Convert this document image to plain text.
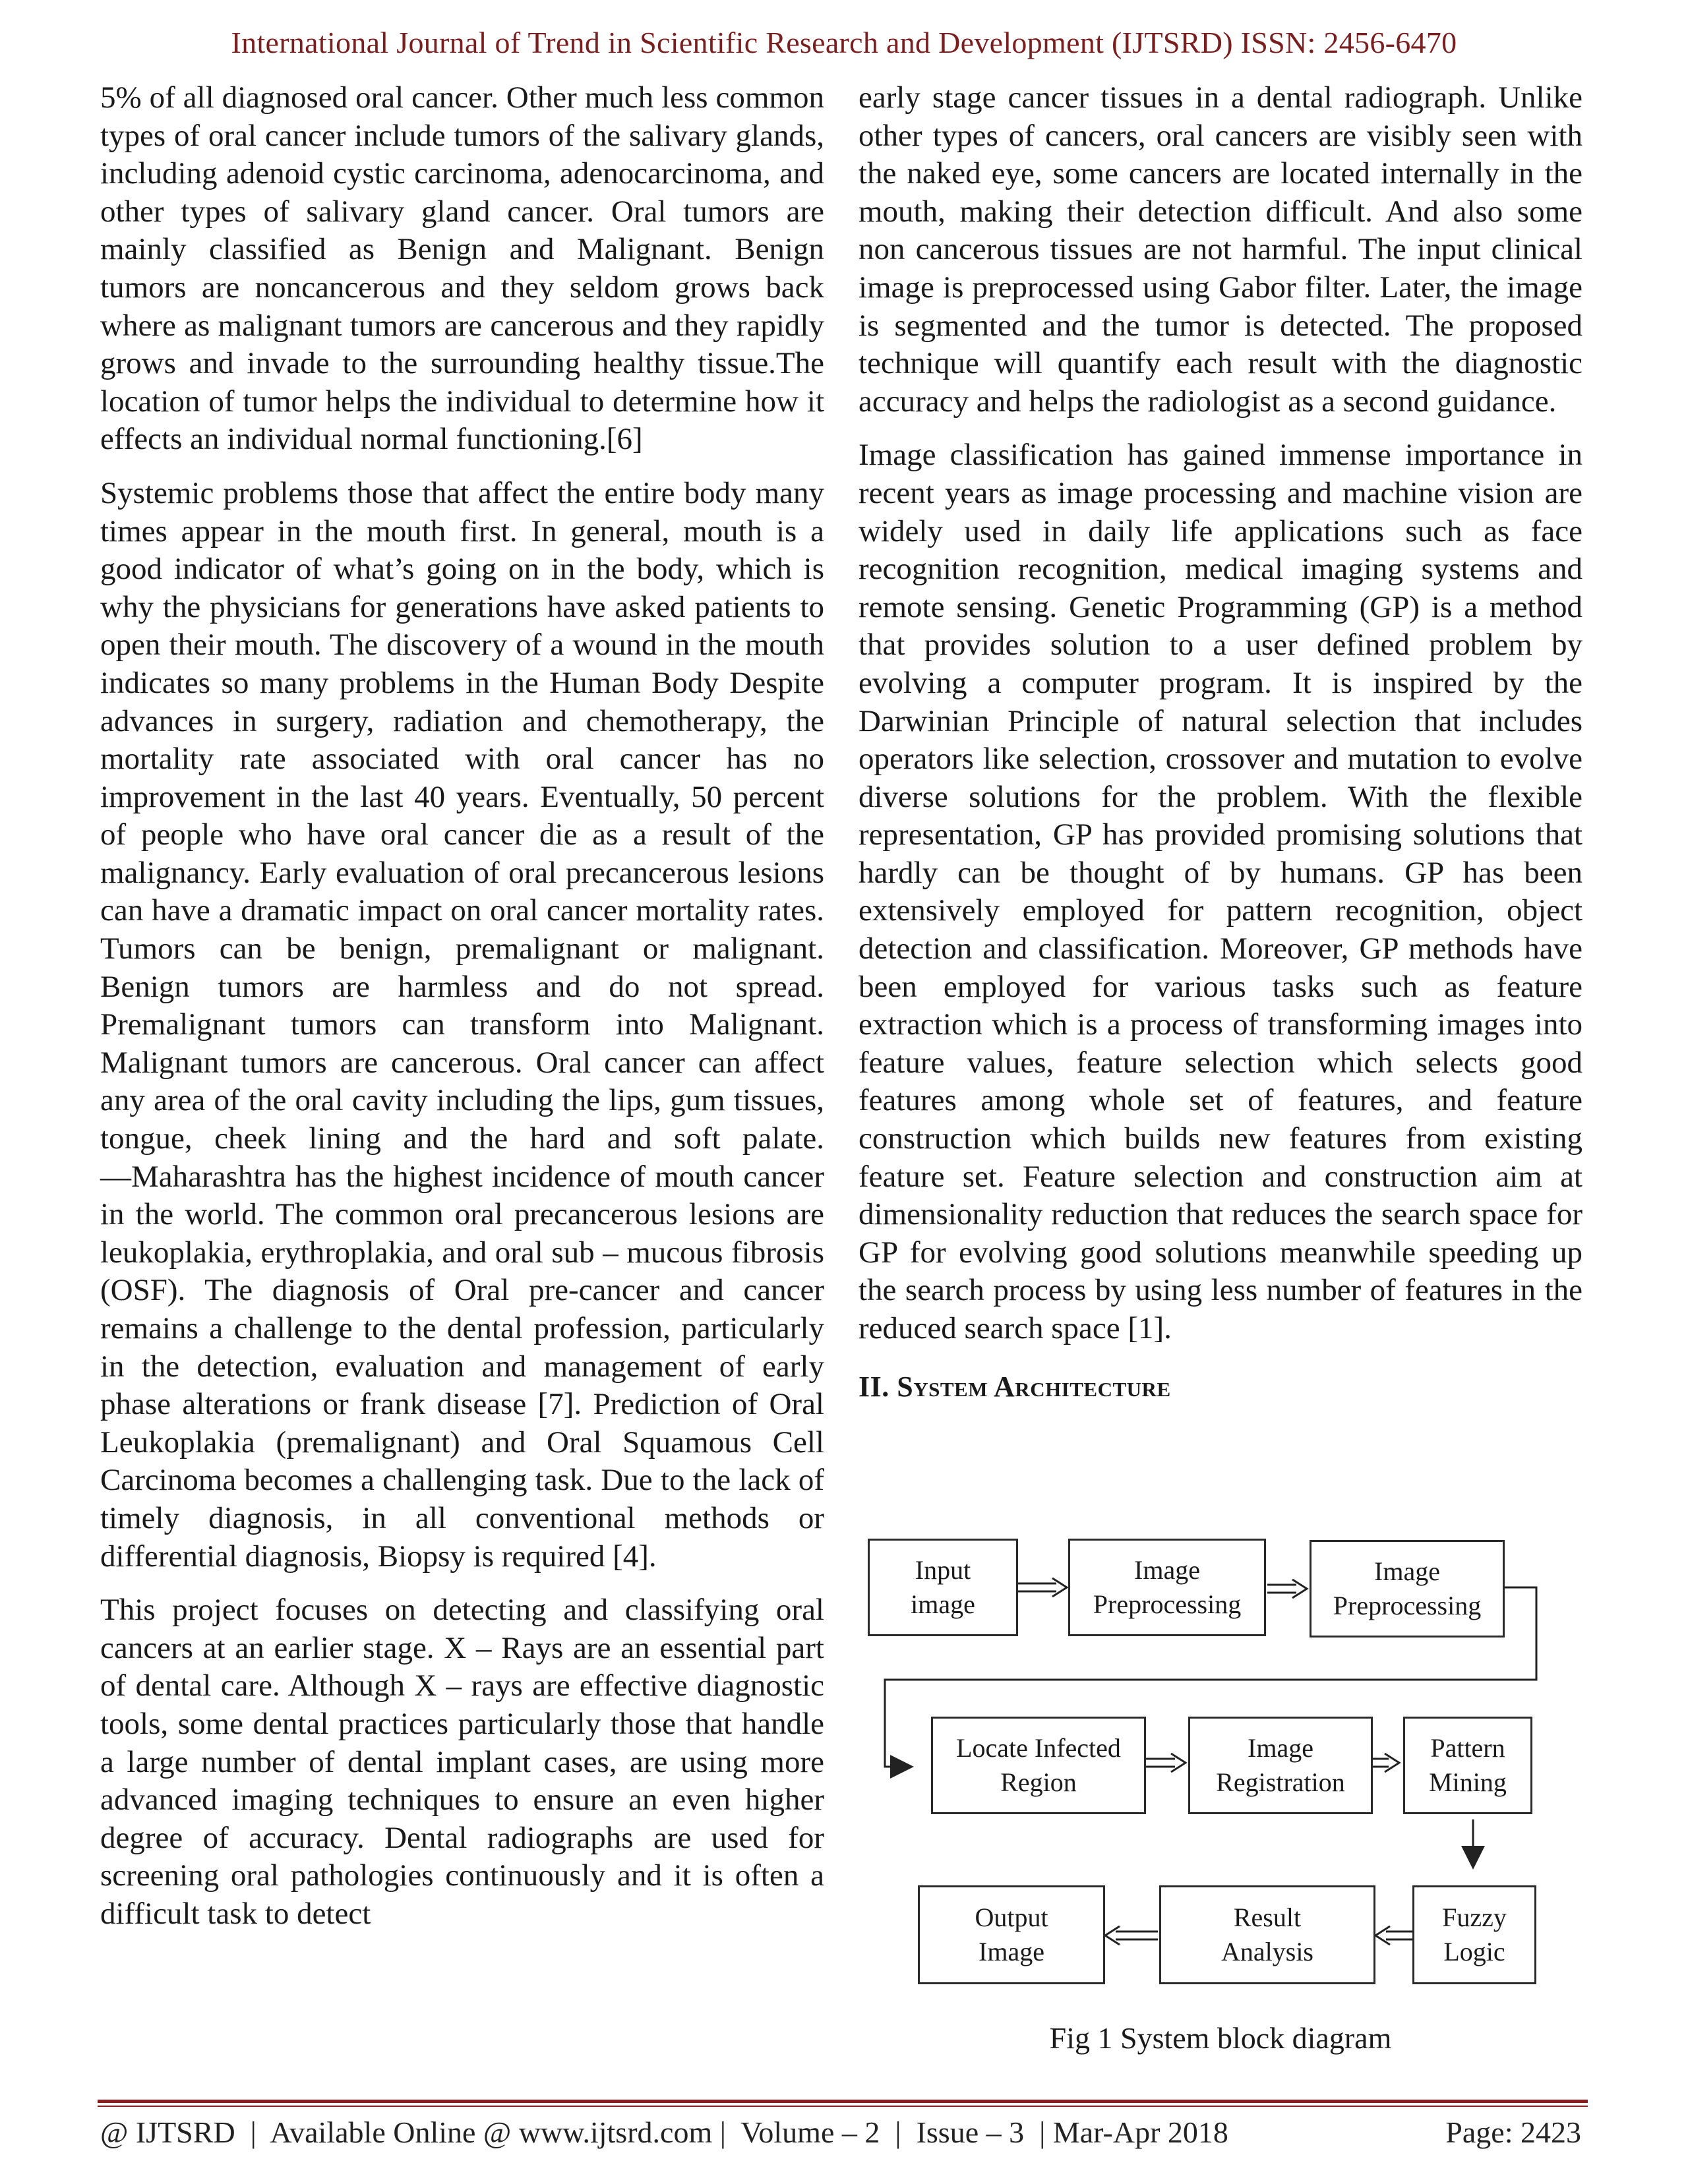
International Journal of Trend in Scientific Research and Development (IJTSRD) ISSN: 2456-6470

5% of all diagnosed oral cancer. Other much less common types of oral cancer include tumors of the salivary glands, including adenoid cystic carcinoma, adenocarcinoma, and other types of salivary gland cancer. Oral tumors are mainly classified as Benign and Malignant. Benign tumors are noncancerous and they seldom grows back where as malignant tumors are cancerous and they rapidly grows and invade to the surrounding healthy tissue.The location of tumor helps the individual to determine how it effects an individual normal functioning.[6]

Systemic problems those that affect the entire body many times appear in the mouth first. In general, mouth is a good indicator of what’s going on in the body, which is why the physicians for generations have asked patients to open their mouth. The discovery of a wound in the mouth indicates so many problems in the Human Body Despite advances in surgery, radiation and chemotherapy, the mortality rate associated with oral cancer has no improvement in the last 40 years. Eventually, 50 percent of people who have oral cancer die as a result of the malignancy. Early evaluation of oral precancerous lesions can have a dramatic impact on oral cancer mortality rates. Tumors can be benign, premalignant or malignant. Benign tumors are harmless and do not spread. Premalignant tumors can transform into Malignant. Malignant tumors are cancerous. Oral cancer can affect any area of the oral cavity including the lips, gum tissues, tongue, cheek lining and the hard and soft palate. ―Maharashtra has the highest incidence of mouth cancer in the world. The common oral precancerous lesions are leukoplakia, erythroplakia, and oral sub – mucous fibrosis (OSF). The diagnosis of Oral pre-cancer and cancer remains a challenge to the dental profession, particularly in the detection, evaluation and management of early phase alterations or frank disease [7]. Prediction of Oral Leukoplakia (premalignant) and Oral Squamous Cell Carcinoma becomes a challenging task. Due to the lack of timely diagnosis, in all conventional methods or differential diagnosis, Biopsy is required [4].

This project focuses on detecting and classifying oral cancers at an earlier stage. X – Rays are an essential part of dental care. Although X – rays are effective diagnostic tools, some dental practices particularly those that handle a large number of dental implant cases, are using more advanced imaging techniques to ensure an even higher degree of accuracy. Dental radiographs are used for screening oral pathologies continuously and it is often a difficult task to detect

early stage cancer tissues in a dental radiograph. Unlike other types of cancers, oral cancers are visibly seen with the naked eye, some cancers are located internally in the mouth, making their detection difficult. And also some non cancerous tissues are not harmful. The input clinical image is preprocessed using Gabor filter. Later, the image is segmented and the tumor is detected. The proposed technique will quantify each result with the diagnostic accuracy and helps the radiologist as a second guidance.

Image classification has gained immense importance in recent years as image processing and machine vision are widely used in daily life applications such as face recognition recognition, medical imaging systems and remote sensing. Genetic Programming (GP) is a method that provides solution to a user defined problem by evolving a computer program. It is inspired by the Darwinian Principle of natural selection that includes operators like selection, crossover and mutation to evolve diverse solutions for the problem. With the flexible representation, GP has provided promising solutions that hardly can be thought of by humans. GP has been extensively employed for pattern recognition, object detection and classification. Moreover, GP methods have been employed for various tasks such as feature extraction which is a process of transforming images into feature values, feature selection which selects good features among whole set of features, and feature construction which builds new features from existing feature set. Feature selection and construction aim at dimensionality reduction that reduces the search space for GP for evolving good solutions meanwhile speeding up the search process by using less number of features in the reduced search space [1].

II. System Architecture
Input
image
Image
Preprocessing
Image
Preprocessing
Locate Infected
Region
Image
Registration
Pattern
Mining
Output
Image
Result
Analysis
Fuzzy
Logic
Fig 1 System block diagram
@ IJTSRD  |  Available Online @ www.ijtsrd.com |  Volume – 2  |  Issue – 3  | Mar-Apr 2018	Page: 2423
